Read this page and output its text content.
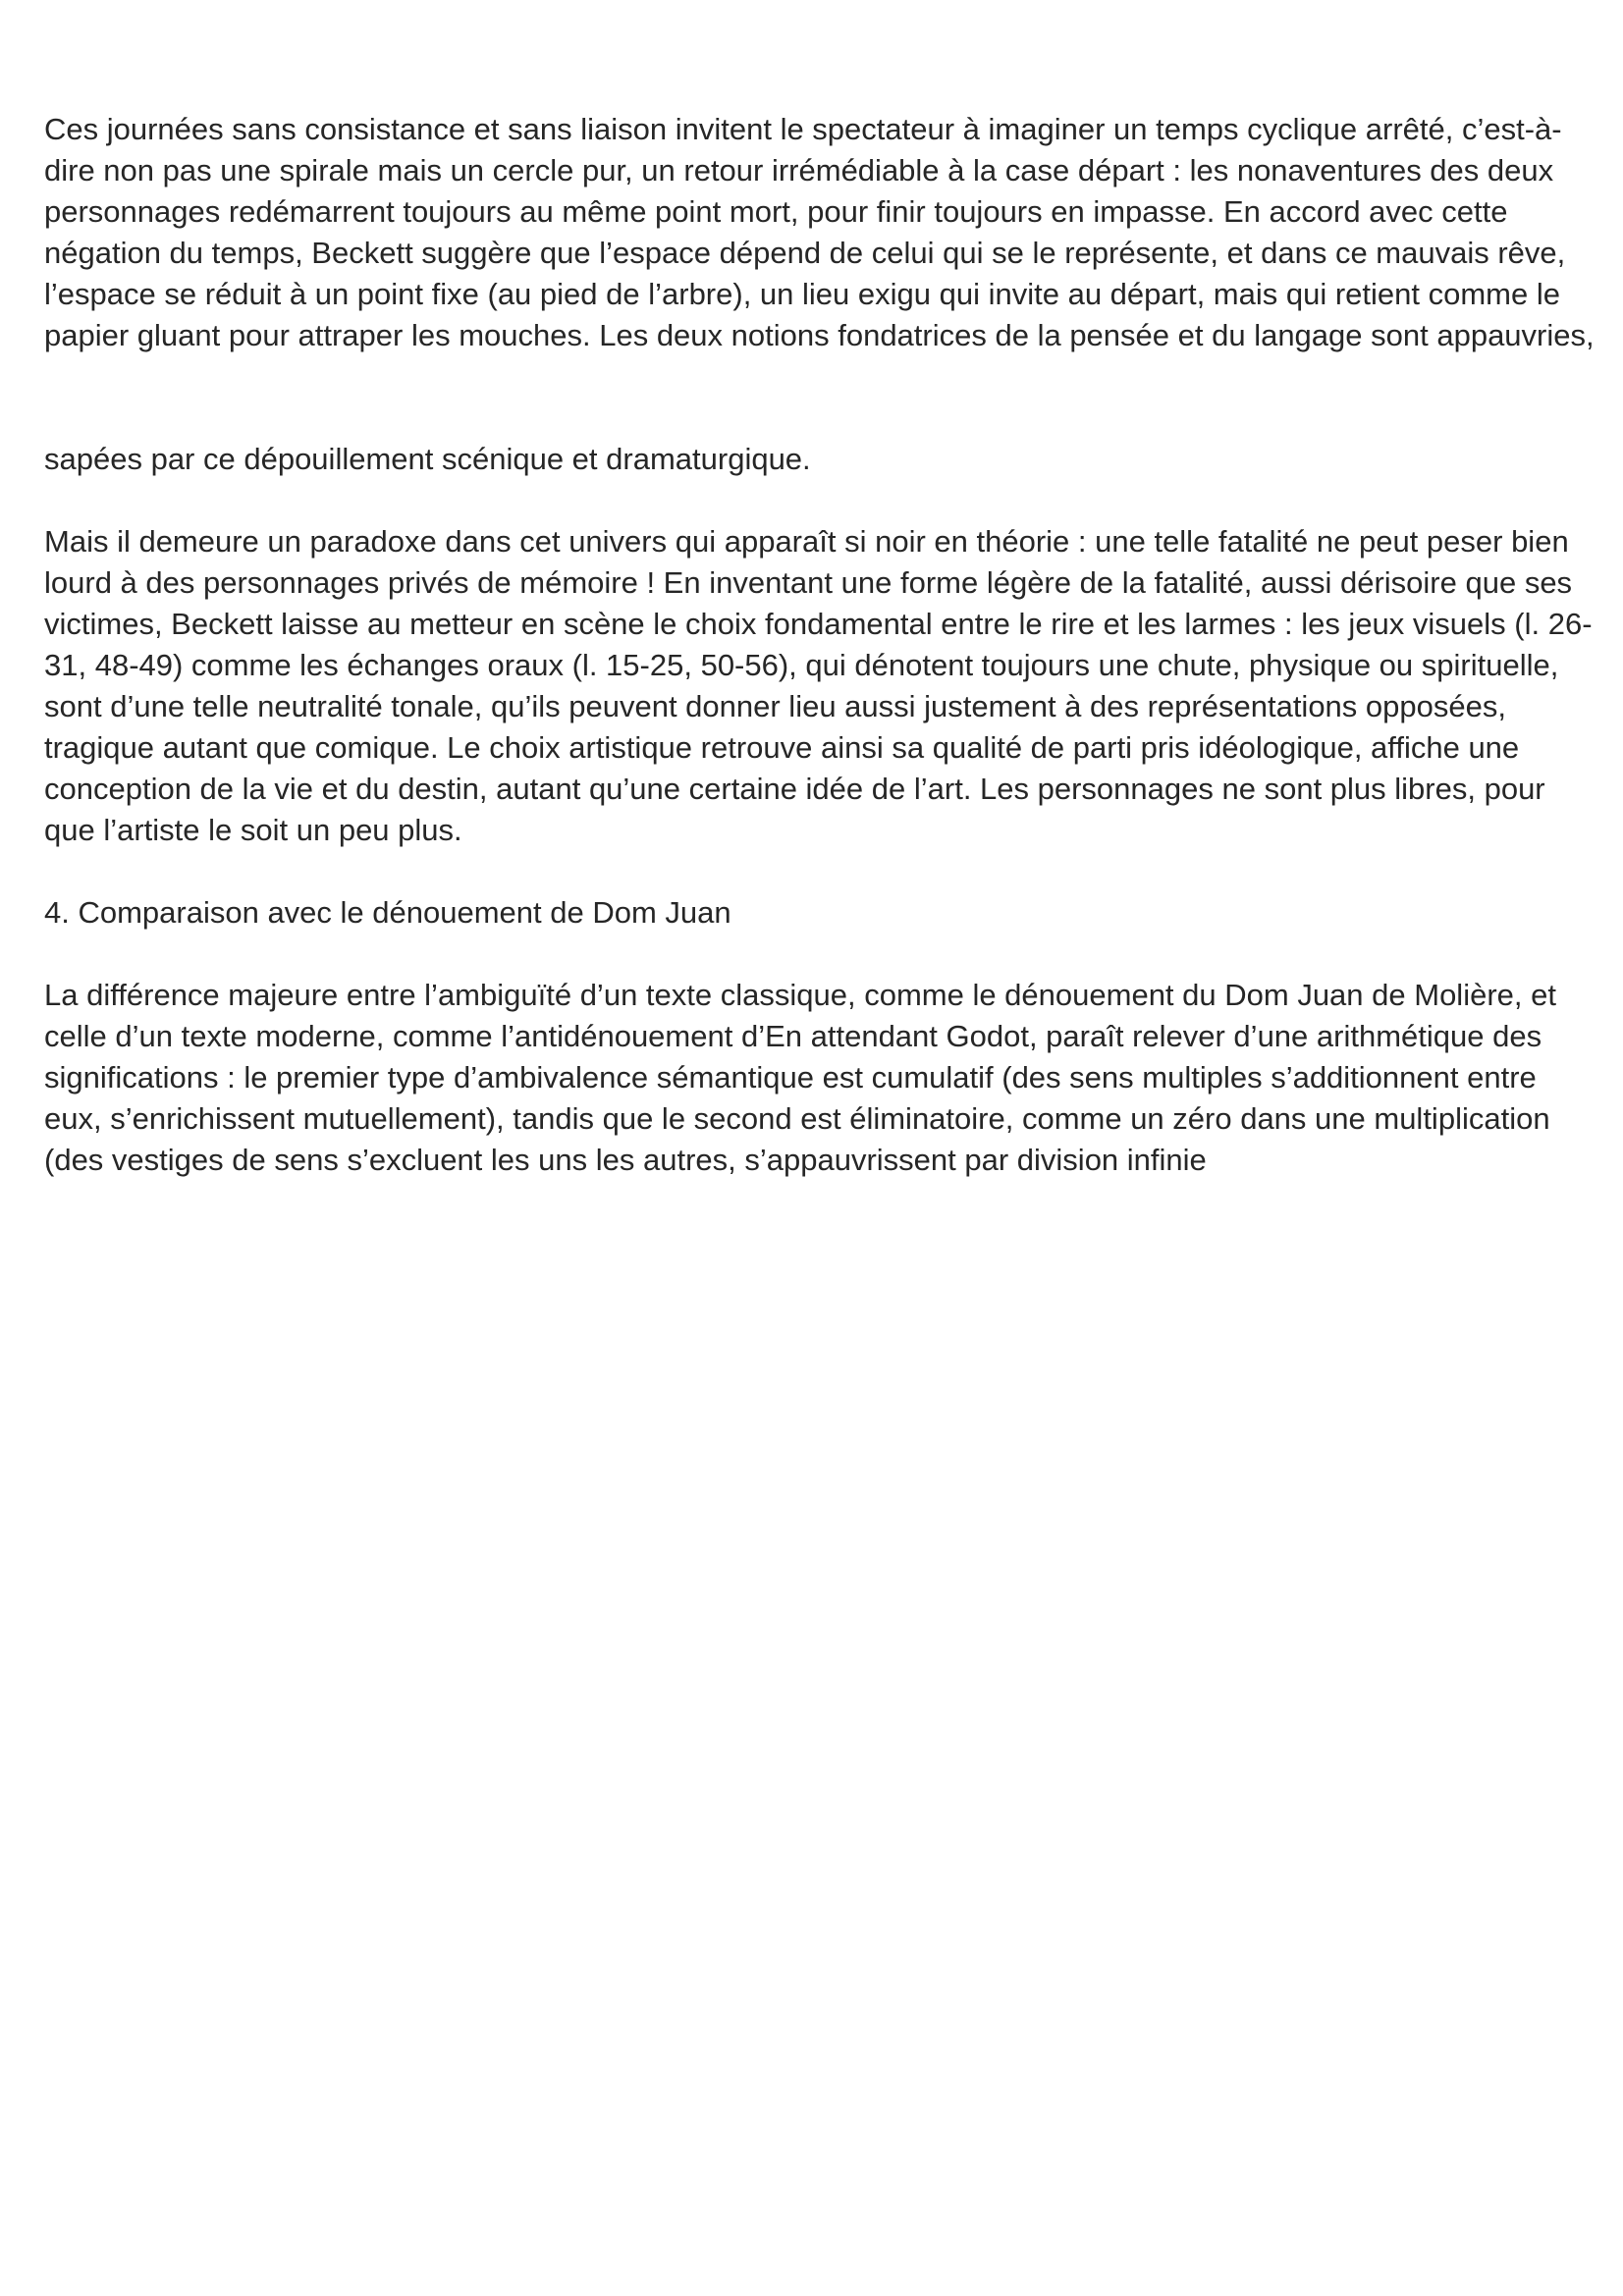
Ces journées sans consistance et sans liaison invitent le spectateur à imaginer un temps cyclique arrêté, c’est-à-dire non pas une spirale mais un cercle pur, un retour irrémédiable à la case départ : les nonaventures des deux personnages redémarrent toujours au même point mort, pour finir toujours en impasse. En accord avec cette négation du temps, Beckett suggère que l’espace dépend de celui qui se le représente, et dans ce mauvais rêve, l’espace se réduit à un point fixe (au pied de l’arbre), un lieu exigu qui invite au départ, mais qui retient comme le papier gluant pour attraper les mouches. Les deux notions fondatrices de la pensée et du langage sont appauvries,

sapées par ce dépouillement scénique et dramaturgique.

Mais il demeure un paradoxe dans cet univers qui apparaît si noir en théorie : une telle fatalité ne peut peser bien lourd à des personnages privés de mémoire ! En inventant une forme légère de la fatalité, aussi dérisoire que ses victimes, Beckett laisse au metteur en scène le choix fondamental entre le rire et les larmes : les jeux visuels (l. 26-31, 48-49) comme les échanges oraux (l. 15-25, 50-56), qui dénotent toujours une chute, physique ou spirituelle, sont d’une telle neutralité tonale, qu’ils peuvent donner lieu aussi justement à des représentations opposées, tragique autant que comique. Le choix artistique retrouve ainsi sa qualité de parti pris idéologique, affiche une conception de la vie et du destin, autant qu’une certaine idée de l’art. Les personnages ne sont plus libres, pour que l’artiste le soit un peu plus.

4. Comparaison avec le dénouement de Dom Juan

La différence majeure entre l’ambiguïté d’un texte classique, comme le dénouement du Dom Juan de Molière, et celle d’un texte moderne, comme l’antidénouement d’En attendant Godot, paraît relever d’une arithmétique des significations : le premier type d’ambivalence sémantique est cumulatif (des sens multiples s’additionnent entre eux, s’enrichissent mutuellement), tandis que le second est éliminatoire, comme un zéro dans une multiplication (des vestiges de sens s’excluent les uns les autres, s’appauvrissent par division infinie
